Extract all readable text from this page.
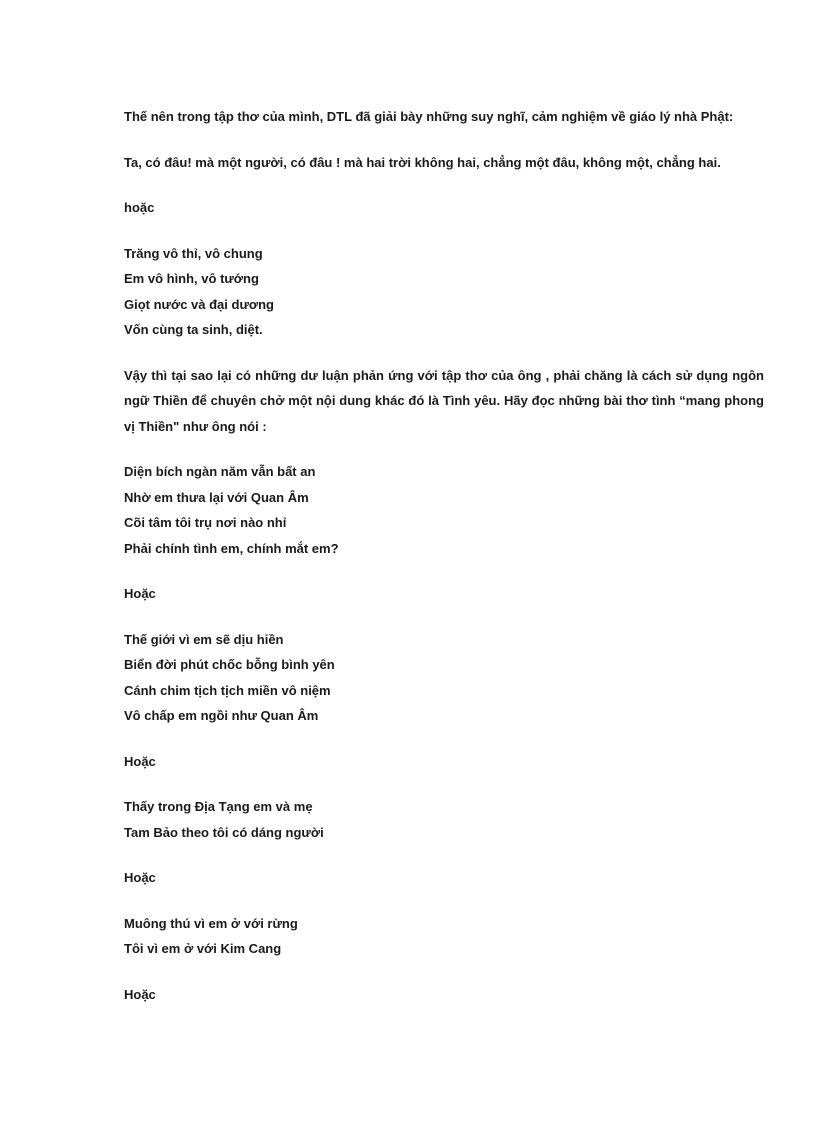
Thế nên trong tập thơ của mình, DTL đã giải bày những suy nghĩ, cảm nghiệm về giáo lý nhà Phật:

Ta, có đâu! mà một người, có đâu ! mà hai trời không hai, chẳng một đâu, không một, chẳng hai.

hoặc

Trăng vô thỉ, vô chung
Em vô hình, vô tướng
Giọt nước và đại dương
Vốn cùng ta sinh, diệt.

Vậy thì tại sao lại có những dư luận phản ứng với tập thơ của ông , phải chăng là cách sử dụng ngôn ngữ Thiền để chuyên chở một nội dung khác đó là Tình yêu. Hãy đọc những bài thơ tình “mang phong vị Thiền" như ông nói :

Diện bích ngàn năm vẫn bất an
Nhờ em thưa lại với Quan Âm
Cõi tâm tôi trụ nơi nào nhỉ
Phải chính tình em, chính mắt em?

Hoặc

Thế giới vì em sẽ dịu hiền
Biển đời phút chốc bỗng bình yên
Cánh chim tịch tịch miền vô niệm
Vô chấp em ngồi như Quan Âm

Hoặc

Thấy trong Địa Tạng em và mẹ
Tam Bảo theo tôi có dáng người

Hoặc

Muông thú vì em ở với rừng
Tôi vì em ở với Kim Cang

Hoặc
